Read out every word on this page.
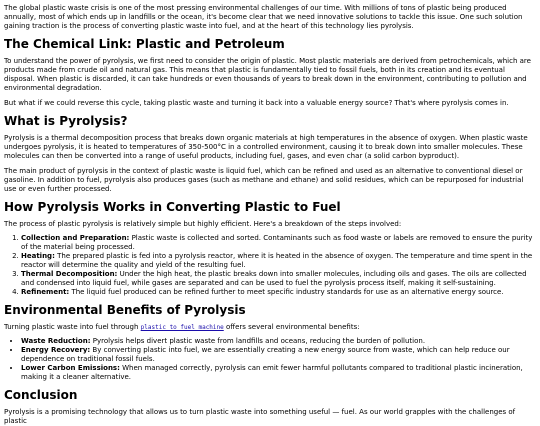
The global plastic waste crisis is one of the most pressing environmental challenges of our time. With millions of tons of plastic being produced annually, most of which ends up in landfills or the ocean, it's become clear that we need innovative solutions to tackle this issue. One such solution gaining traction is the process of converting plastic waste into fuel, and at the heart of this technology lies pyrolysis.

The Chemical Link: Plastic and Petroleum

To understand the power of pyrolysis, we first need to consider the origin of plastic. Most plastic materials are derived from petrochemicals, which are products made from crude oil and natural gas. This means that plastic is fundamentally tied to fossil fuels, both in its creation and its eventual disposal. When plastic is discarded, it can take hundreds or even thousands of years to break down in the environment, contributing to pollution and environmental degradation.

But what if we could reverse this cycle, taking plastic waste and turning it back into a valuable energy source? That's where pyrolysis comes in.

What is Pyrolysis?

Pyrolysis is a thermal decomposition process that breaks down organic materials at high temperatures in the absence of oxygen. When plastic waste undergoes pyrolysis, it is heated to temperatures of 350-500°C in a controlled environment, causing it to break down into smaller molecules. These molecules can then be converted into a range of useful products, including fuel, gases, and even char (a solid carbon byproduct).

The main product of pyrolysis in the context of plastic waste is liquid fuel, which can be refined and used as an alternative to conventional diesel or gasoline. In addition to fuel, pyrolysis also produces gases (such as methane and ethane) and solid residues, which can be repurposed for industrial use or even further processed.

How Pyrolysis Works in Converting Plastic to Fuel

The process of plastic pyrolysis is relatively simple but highly efficient. Here's a breakdown of the steps involved:

1. Collection and Preparation: Plastic waste is collected and sorted. Contaminants such as food waste or labels are removed to ensure the purity of the material being processed.
2. Heating: The prepared plastic is fed into a pyrolysis reactor, where it is heated in the absence of oxygen. The temperature and time spent in the reactor will determine the quality and yield of the resulting fuel.
3. Thermal Decomposition: Under the high heat, the plastic breaks down into smaller molecules, including oils and gases. The oils are collected and condensed into liquid fuel, while gases are separated and can be used to fuel the pyrolysis process itself, making it self-sustaining.
4. Refinement: The liquid fuel produced can be refined further to meet specific industry standards for use as an alternative energy source.
Environmental Benefits of Pyrolysis

Turning plastic waste into fuel through plastic to fuel machine offers several environmental benefits:

• Waste Reduction: Pyrolysis helps divert plastic waste from landfills and oceans, reducing the burden of pollution.
• Energy Recovery: By converting plastic into fuel, we are essentially creating a new energy source from waste, which can help reduce our dependence on traditional fossil fuels.
• Lower Carbon Emissions: When managed correctly, pyrolysis can emit fewer harmful pollutants compared to traditional plastic incineration, making it a cleaner alternative.
Conclusion

Pyrolysis is a promising technology that allows us to turn plastic waste into something useful — fuel. As our world grapples with the challenges of plastic
